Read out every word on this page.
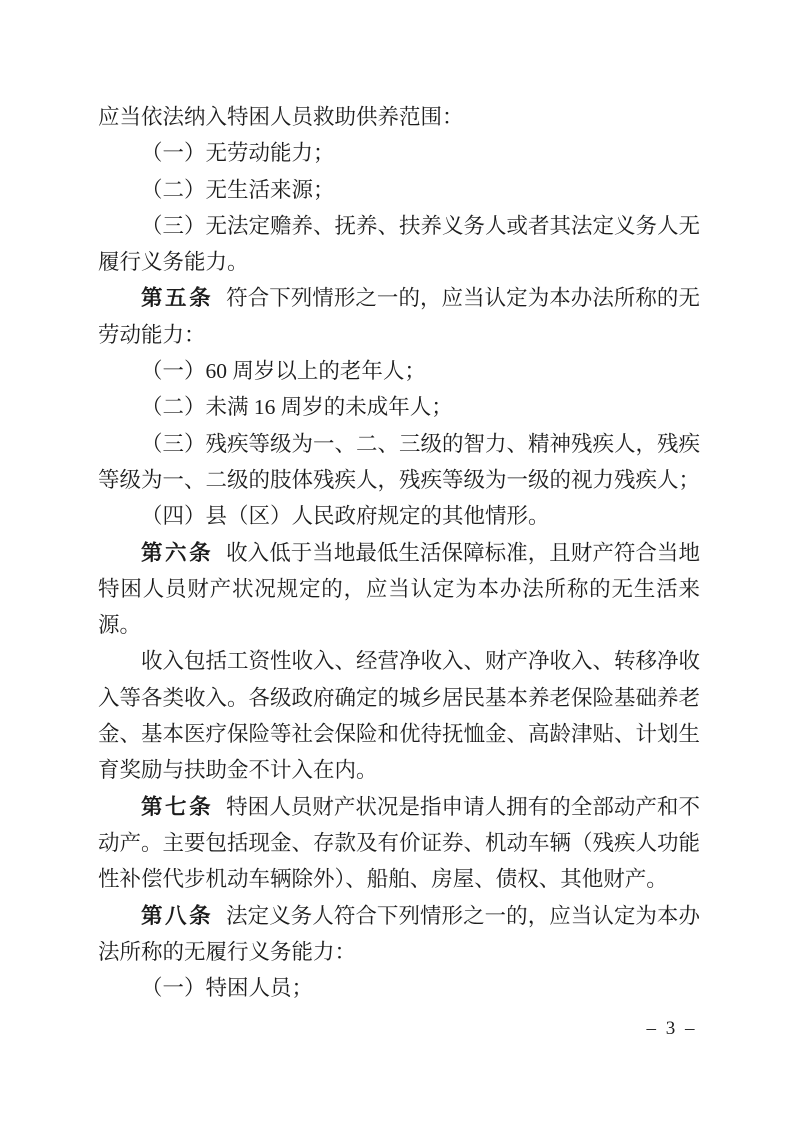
应当依法纳入特困人员救助供养范围：

（一）无劳动能力；

（二）无生活来源；

（三）无法定赡养、抚养、扶养义务人或者其法定义务人无履行义务能力。

第五条 符合下列情形之一的，应当认定为本办法所称的无劳动能力：

（一）60 周岁以上的老年人；

（二）未满 16 周岁的未成年人；

（三）残疾等级为一、二、三级的智力、精神残疾人，残疾等级为一、二级的肢体残疾人，残疾等级为一级的视力残疾人；

（四）县（区）人民政府规定的其他情形。

第六条 收入低于当地最低生活保障标准，且财产符合当地特困人员财产状况规定的，应当认定为本办法所称的无生活来源。

收入包括工资性收入、经营净收入、财产净收入、转移净收入等各类收入。各级政府确定的城乡居民基本养老保险基础养老金、基本医疗保险等社会保险和优待抚恤金、高龄津贴、计划生育奖励与扶助金不计入在内。

第七条 特困人员财产状况是指申请人拥有的全部动产和不动产。主要包括现金、存款及有价证券、机动车辆（残疾人功能性补偿代步机动车辆除外）、船舶、房屋、债权、其他财产。

第八条 法定义务人符合下列情形之一的，应当认定为本办法所称的无履行义务能力：

（一）特困人员；

– 3 –
